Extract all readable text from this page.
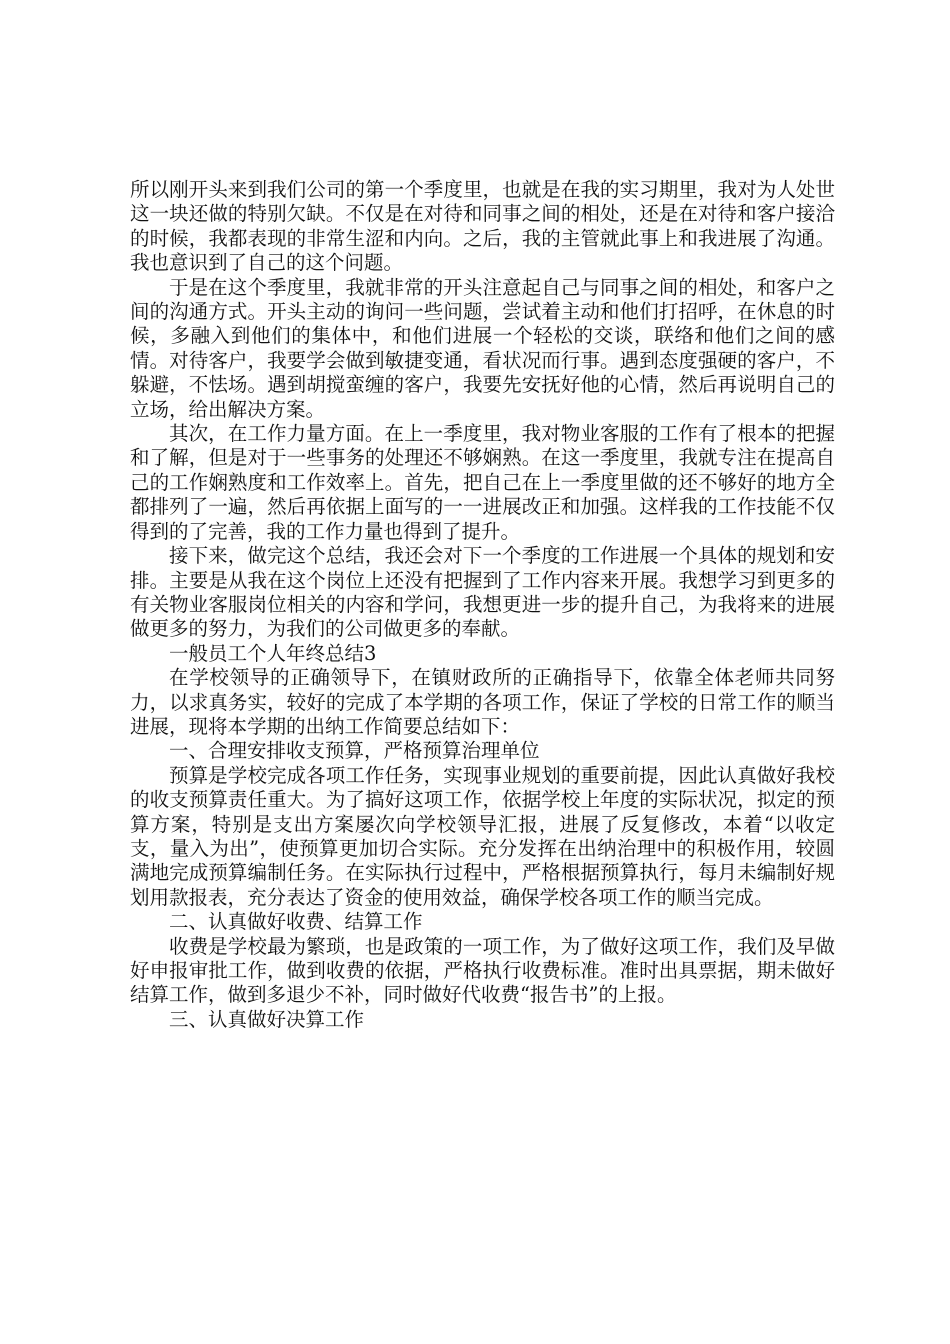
所以刚开头来到我们公司的第一个季度里，也就是在我的实习期里，我对为人处世这一块还做的特别欠缺。不仅是在对待和同事之间的相处，还是在对待和客户接洽的时候，我都表现的非常生涩和内向。之后，我的主管就此事上和我进展了沟通。我也意识到了自己的这个问题。

于是在这个季度里，我就非常的开头注意起自己与同事之间的相处，和客户之间的沟通方式。开头主动的询问一些问题，尝试着主动和他们打招呼，在休息的时候，多融入到他们的集体中，和他们进展一个轻松的交谈，联络和他们之间的感情。对待客户，我要学会做到敏捷变通，看状况而行事。遇到态度强硬的客户，不躲避，不怯场。遇到胡搅蛮缠的客户，我要先安抚好他的心情，然后再说明自己的立场，给出解决方案。

其次，在工作力量方面。在上一季度里，我对物业客服的工作有了根本的把握和了解，但是对于一些事务的处理还不够娴熟。在这一季度里，我就专注在提高自己的工作娴熟度和工作效率上。首先，把自己在上一季度里做的还不够好的地方全都排列了一遍，然后再依据上面写的一一进展改正和加强。这样我的工作技能不仅得到的了完善，我的工作力量也得到了提升。

接下来，做完这个总结，我还会对下一个季度的工作进展一个具体的规划和安排。主要是从我在这个岗位上还没有把握到了工作内容来开展。我想学习到更多的有关物业客服岗位相关的内容和学问，我想更进一步的提升自己，为我将来的进展做更多的努力，为我们的公司做更多的奉献。

一般员工个人年终总结3

在学校领导的正确领导下，在镇财政所的正确指导下，依靠全体老师共同努力，以求真务实，较好的完成了本学期的各项工作，保证了学校的日常工作的顺当进展，现将本学期的出纳工作简要总结如下：

一、合理安排收支预算，严格预算治理单位

预算是学校完成各项工作任务，实现事业规划的重要前提，因此认真做好我校的收支预算责任重大。为了搞好这项工作，依据学校上年度的实际状况，拟定的预算方案，特别是支出方案屡次向学校领导汇报，进展了反复修改，本着“以收定支，量入为出”，使预算更加切合实际。充分发挥在出纳治理中的积极作用，较圆满地完成预算编制任务。在实际执行过程中，严格根据预算执行，每月未编制好规划用款报表，充分表达了资金的使用效益，确保学校各项工作的顺当完成。

二、认真做好收费、结算工作

收费是学校最为繁琐，也是政策的一项工作，为了做好这项工作，我们及早做好申报审批工作，做到收费的依据，严格执行收费标准。准时出具票据，期未做好结算工作，做到多退少不补，同时做好代收费“报告书”的上报。

三、认真做好决算工作
